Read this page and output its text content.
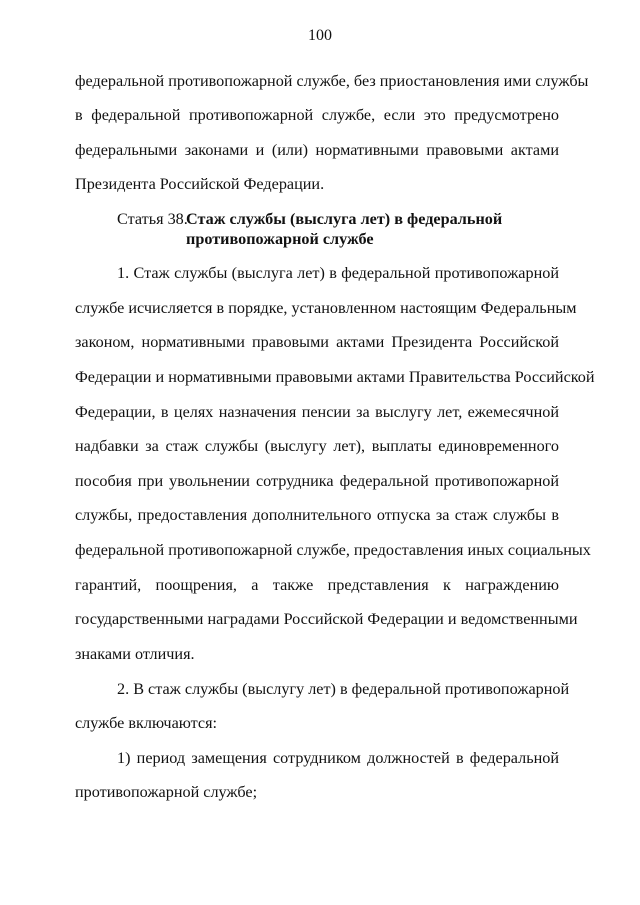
100
федеральной противопожарной службе, без приостановления ими службы
в федеральной противопожарной службе, если это предусмотрено
федеральными законами и (или) нормативными правовыми актами
Президента Российской Федерации.
Статья 38.Стаж службы (выслуга лет) в федеральной
противопожарной службе
1. Стаж службы (выслуга лет) в федеральной противопожарной
службе исчисляется в порядке, установленном настоящим Федеральным
законом, нормативными правовыми актами Президента Российской
Федерации и нормативными правовыми актами Правительства Российской
Федерации, в целях назначения пенсии за выслугу лет, ежемесячной
надбавки за стаж службы (выслугу лет), выплаты единовременного
пособия при увольнении сотрудника федеральной противопожарной
службы, предоставления дополнительного отпуска за стаж службы в
федеральной противопожарной службе, предоставления иных социальных
гарантий, поощрения, а также представления к награждению
государственными наградами Российской Федерации и ведомственными
знаками отличия.
2. В стаж службы (выслугу лет) в федеральной противопожарной
службе включаются:
1) период замещения сотрудником должностей в федеральной
противопожарной службе;
